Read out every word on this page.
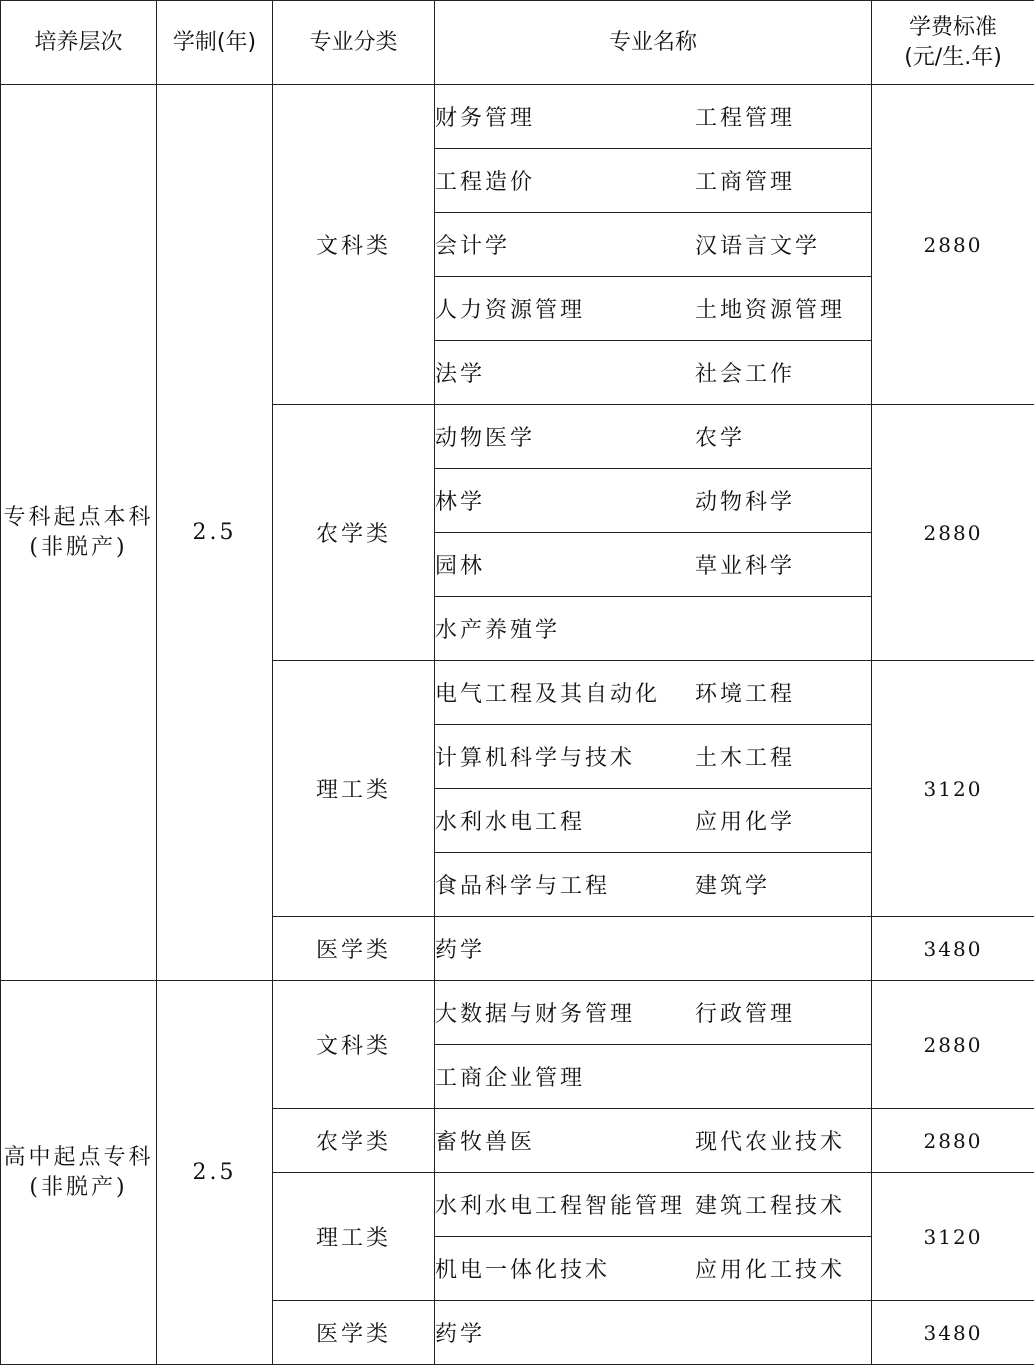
培养层次	学制(年)	专业分类	专业名称	学费标准
(元/生.年)

专科起点本科
(非脱产)	2.5	文科类	财务管理 工程管理	2880
			工程造价 工商管理	
			会计学 汉语言文学	
			人力资源管理 土地资源管理	
			法学 社会工作	
		农学类	动物医学 农学	2880
			林学 动物科学	
			园林 草业科学	
			水产养殖学	
		理工类	电气工程及其自动化 环境工程	3120
			计算机科学与技术 土木工程	
			水利水电工程 应用化学	
			食品科学与工程 建筑学	
		医学类	药学	3480

高中起点专科
(非脱产)	2.5	文科类	大数据与财务管理 行政管理	2880
			工商企业管理	
		农学类	畜牧兽医 现代农业技术	2880
		理工类	水利水电工程智能管理 建筑工程技术	3120
			机电一体化技术 应用化工技术	
		医学类	药学	3480
